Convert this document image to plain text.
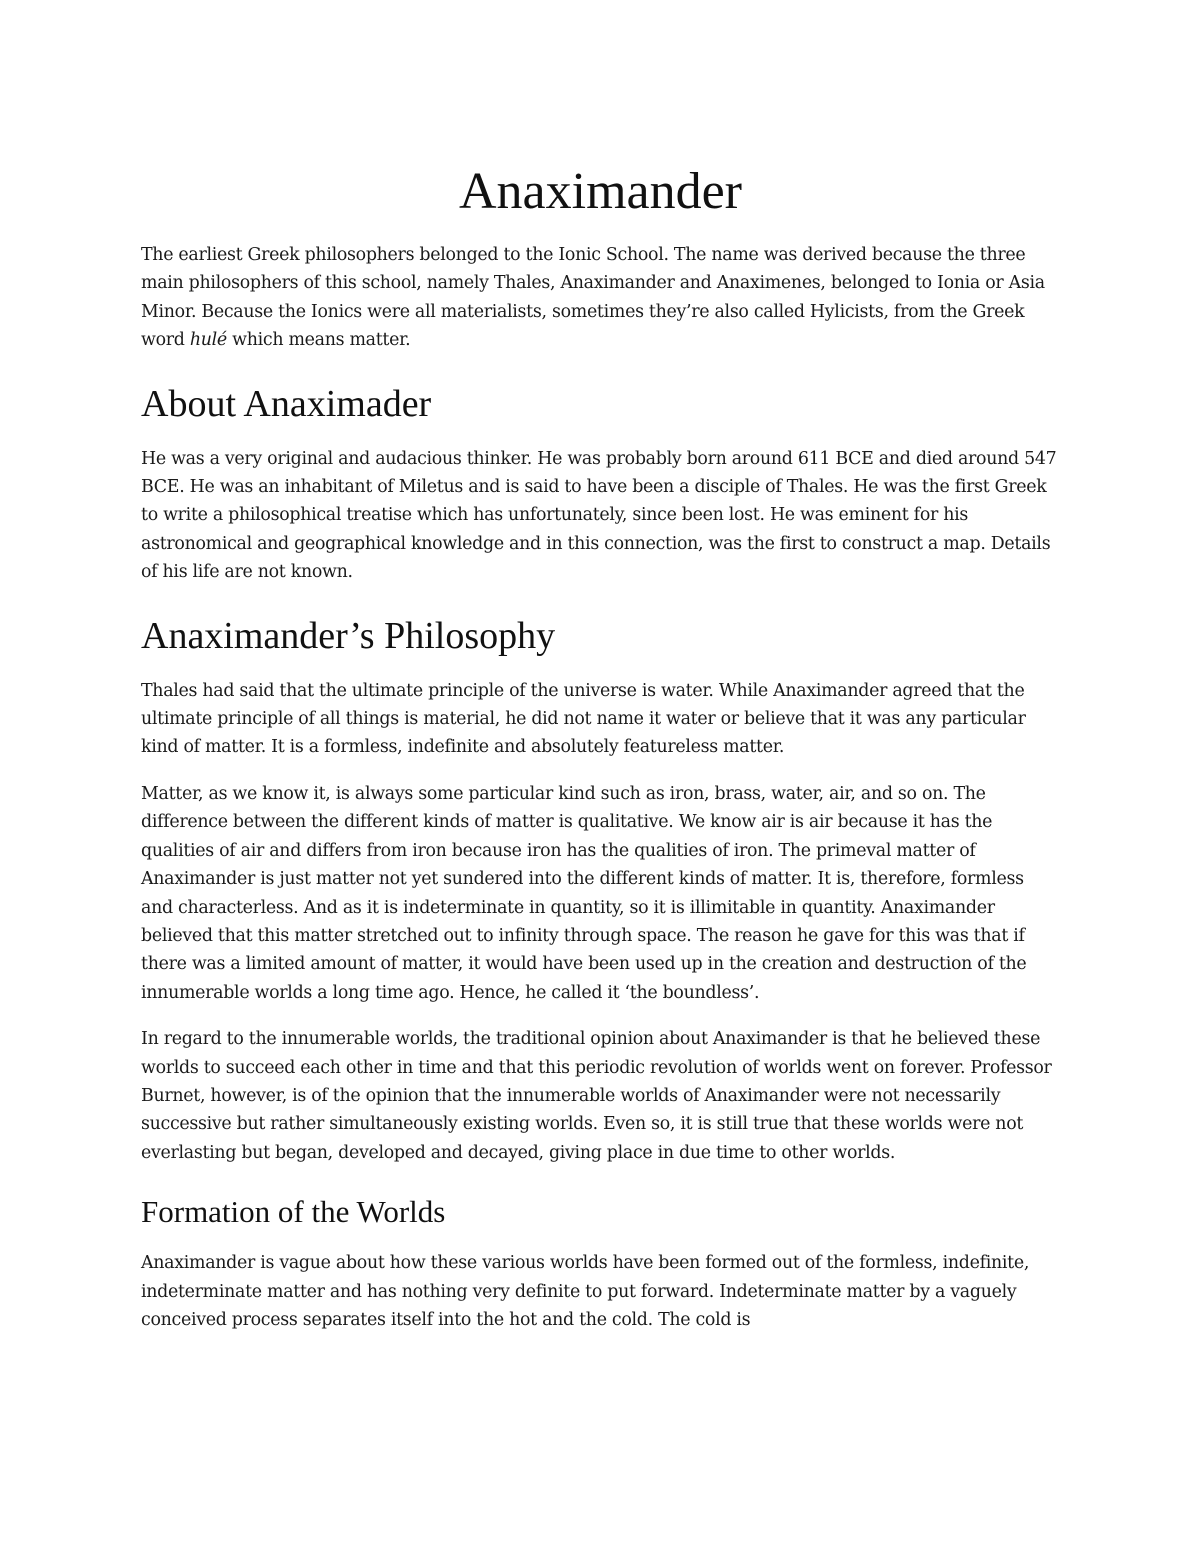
Anaximander

The earliest Greek philosophers belonged to the Ionic School. The name was derived because the three main philosophers of this school, namely Thales, Anaximander and Anaximenes, belonged to Ionia or Asia Minor. Because the Ionics were all materialists, sometimes they’re also called Hylicists, from the Greek word hulé which means matter.

About Anaximader

He was a very original and audacious thinker. He was probably born around 611 BCE and died around 547 BCE. He was an inhabitant of Miletus and is said to have been a disciple of Thales. He was the first Greek to write a philosophical treatise which has unfortunately, since been lost. He was eminent for his astronomical and geographical knowledge and in this connection, was the first to construct a map. Details of his life are not known.

Anaximander’s Philosophy

Thales had said that the ultimate principle of the universe is water. While Anaximander agreed that the ultimate principle of all things is material, he did not name it water or believe that it was any particular kind of matter. It is a formless, indefinite and absolutely featureless matter.

Matter, as we know it, is always some particular kind such as iron, brass, water, air, and so on. The difference between the different kinds of matter is qualitative. We know air is air because it has the qualities of air and differs from iron because iron has the qualities of iron. The primeval matter of Anaximander is just matter not yet sundered into the different kinds of matter. It is, therefore, formless and characterless. And as it is indeterminate in quantity, so it is illimitable in quantity. Anaximander believed that this matter stretched out to infinity through space. The reason he gave for this was that if there was a limited amount of matter, it would have been used up in the creation and destruction of the innumerable worlds a long time ago. Hence, he called it ‘the boundless’.

In regard to the innumerable worlds, the traditional opinion about Anaximander is that he believed these worlds to succeed each other in time and that this periodic revolution of worlds went on forever. Professor Burnet, however, is of the opinion that the innumerable worlds of Anaximander were not necessarily successive but rather simultaneously existing worlds. Even so, it is still true that these worlds were not everlasting but began, developed and decayed, giving place in due time to other worlds.

Formation of the Worlds

Anaximander is vague about how these various worlds have been formed out of the formless, indefinite, indeterminate matter and has nothing very definite to put forward. Indeterminate matter by a vaguely conceived process separates itself into the hot and the cold. The cold is
